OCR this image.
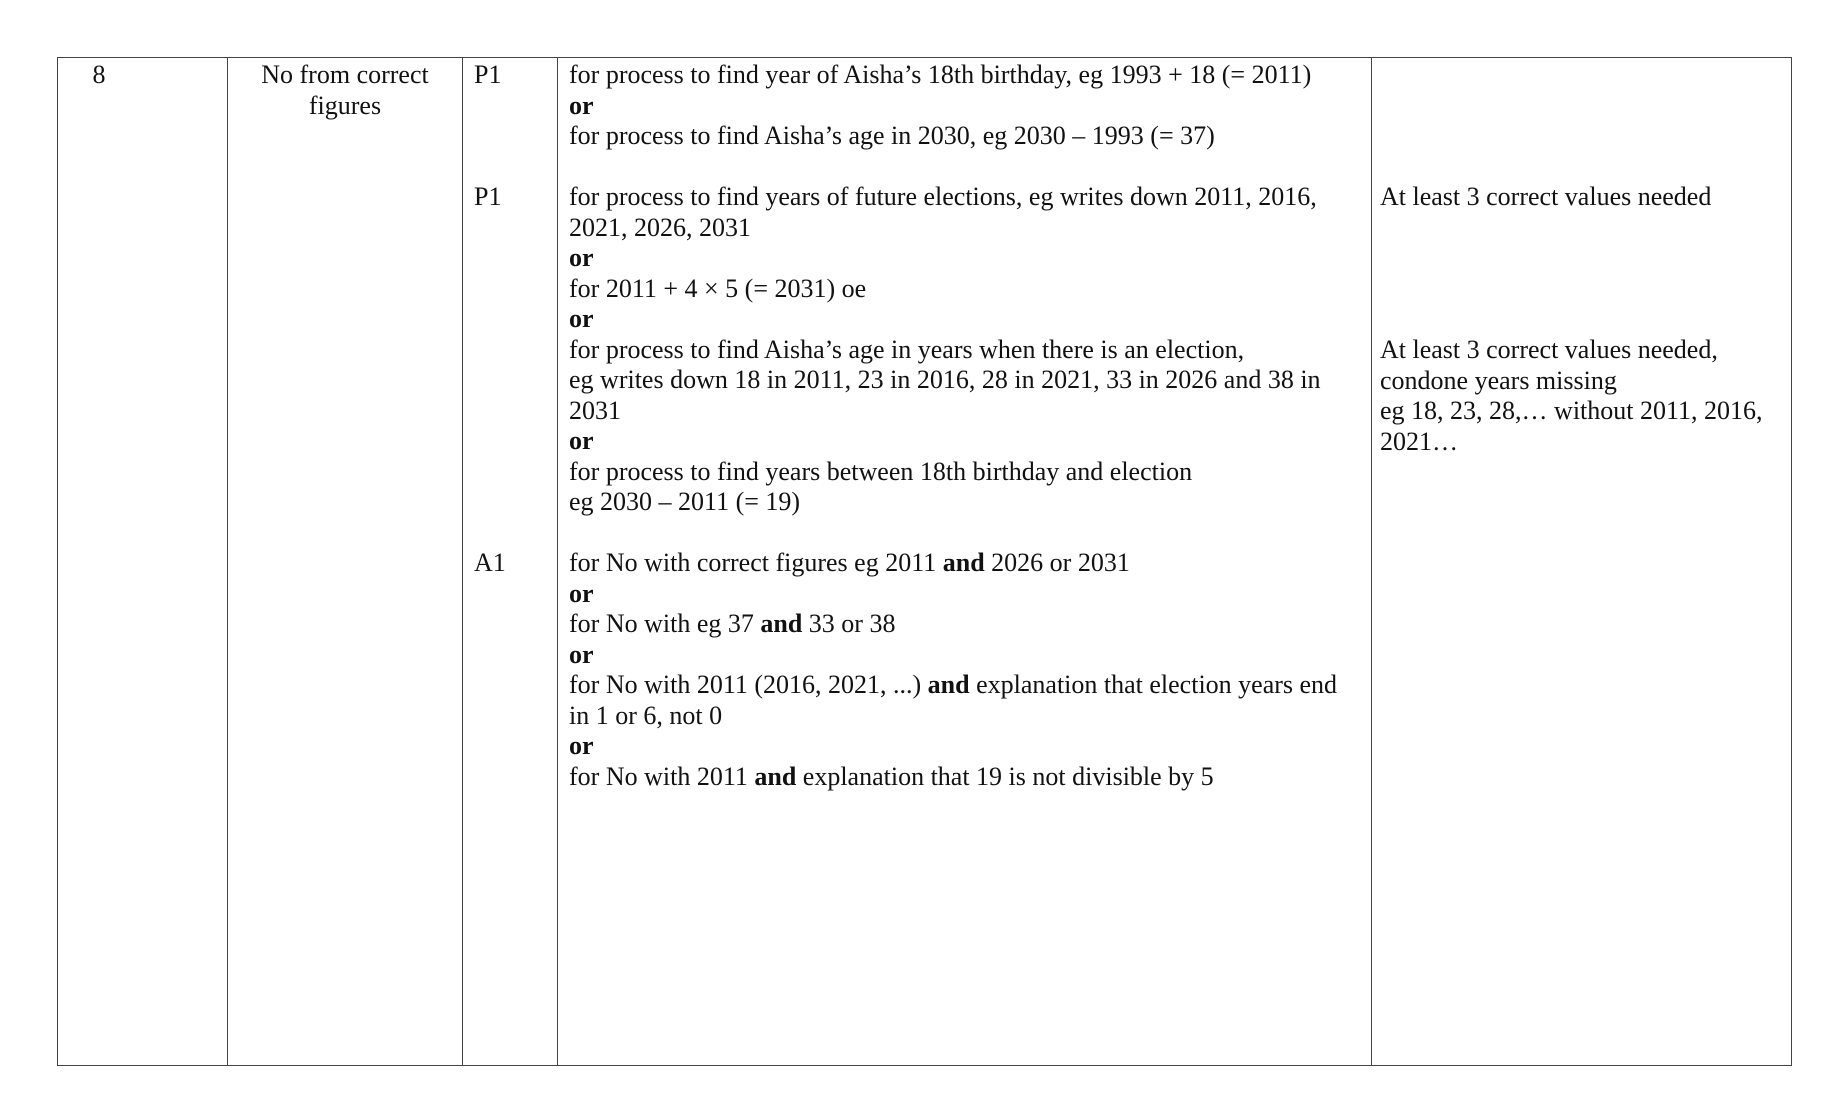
8	No from correct figures
P1
P1
A1
for process to find year of Aisha’s 18th birthday, eg 1993 + 18 (= 2011)
or
for process to find Aisha’s age in 2030, eg 2030 – 1993 (= 37)
for process to find years of future elections, eg writes down 2011, 2016,
2021, 2026, 2031
or
for 2011 + 4 × 5 (= 2031) oe
or
for process to find Aisha’s age in years when there is an election,
eg writes down 18 in 2011, 23 in 2016, 28 in 2021, 33 in 2026 and 38 in
2031
or
for process to find years between 18th birthday and election
eg 2030 – 2011 (= 19)
for No with correct figures eg 2011 and 2026 or 2031
or
for No with eg 37 and 33 or 38
or
for No with 2011 (2016, 2021, ...) and explanation that election years end
in 1 or 6, not 0
or
for No with 2011 and explanation that 19 is not divisible by 5
At least 3 correct values needed
At least 3 correct values needed,
condone years missing
eg 18, 23, 28,… without 2011, 2016,
2021…
